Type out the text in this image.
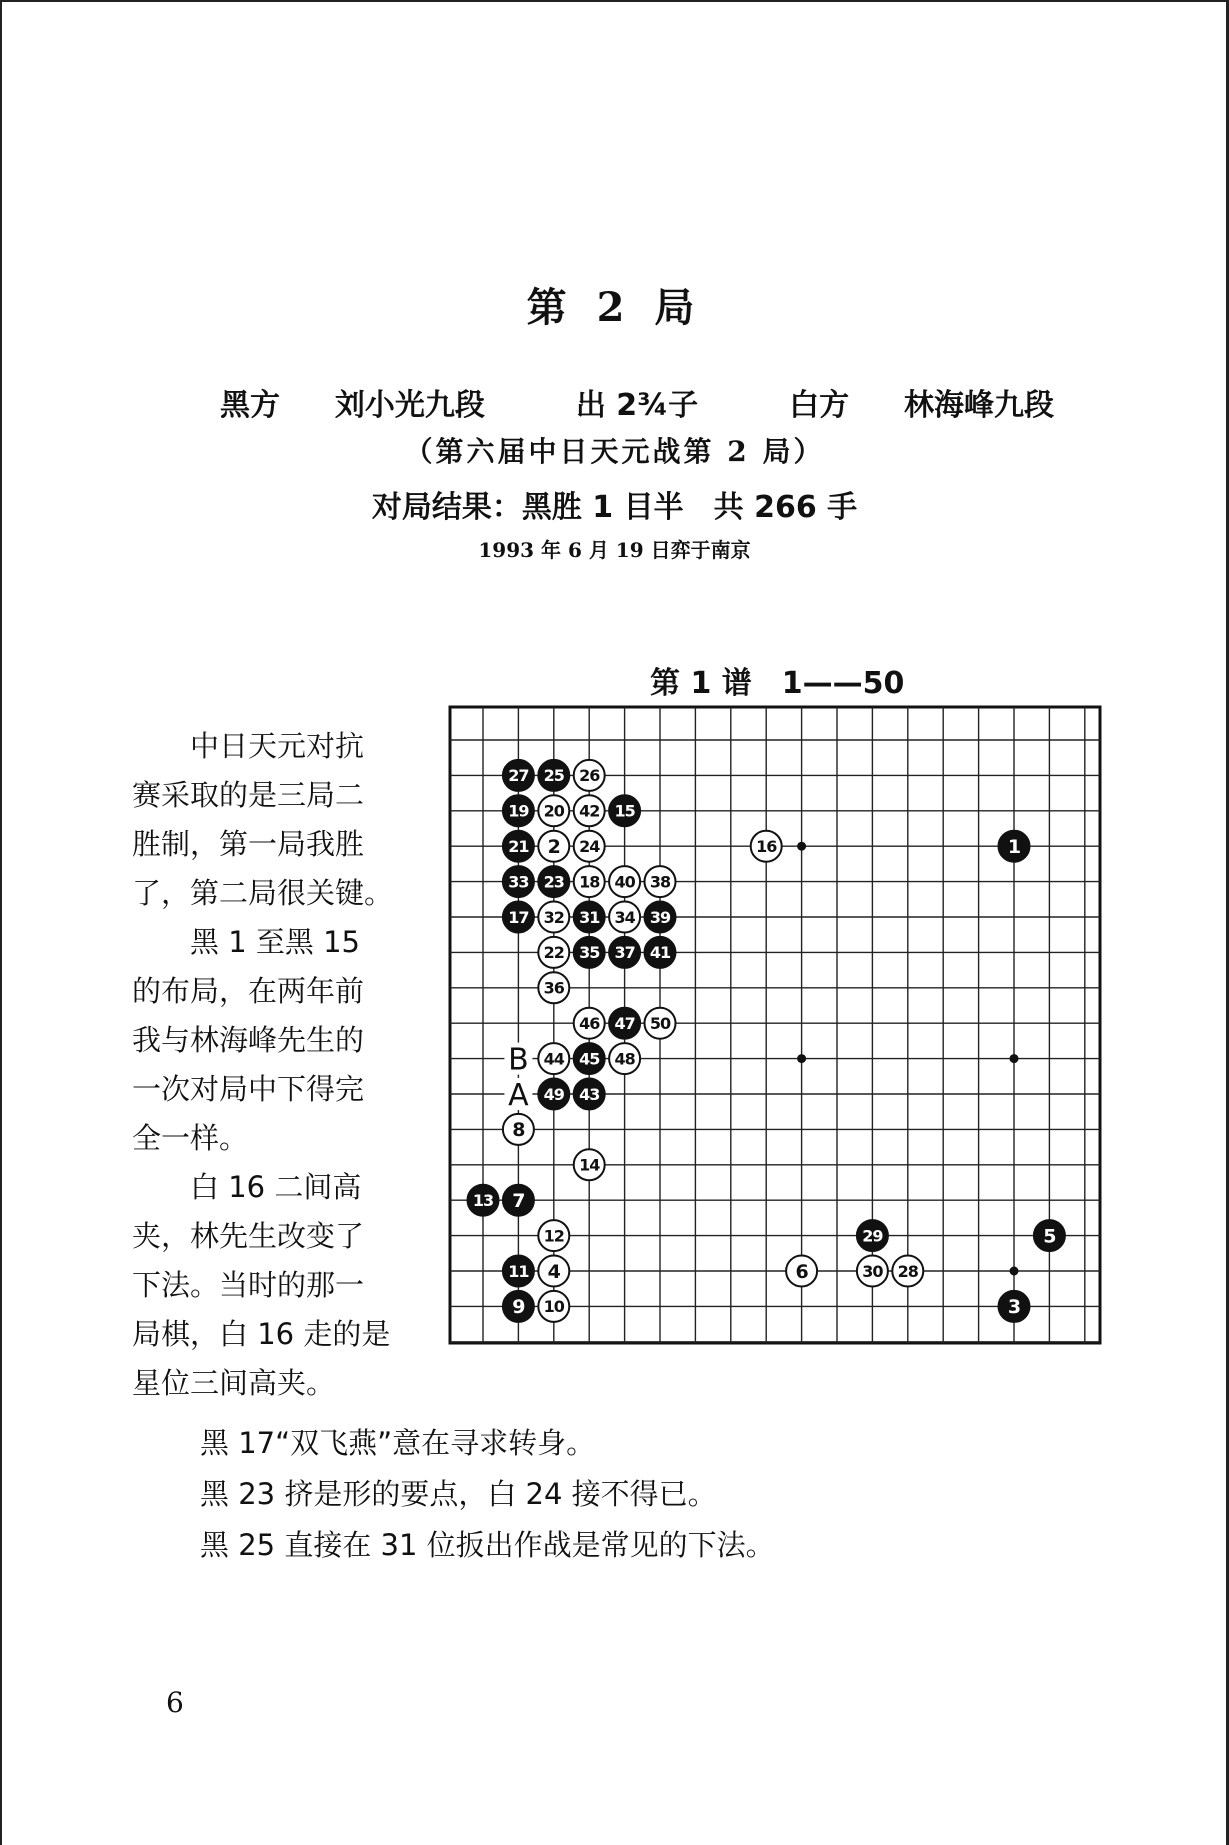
第 2 局
黑方 刘小光九段	出 2¾子	白方 林海峰九段
（第六届中日天元战第 2 局）
对局结果：黑胜 1 目半　共 266 手
1993 年 6 月 19 日弈于南京
第 1 谱　1——50
27 25 26
19 20 42 15
21 2 24	16	1
33 23 18 40 38
17 32 31 34 39
22 35 37 41
36
46 47 50
44 45 48
49 43
8
14
13 7
12	29	5
11 4	6	30 28
9 10	3
B
A

中日天元对抗

赛采取的是三局二

胜制，第一局我胜

了，第二局很关键。

黑 1 至黑 15

的布局，在两年前

我与林海峰先生的

一次对局中下得完

全一样。

白 16 二间高

夹，林先生改变了

下法。当时的那一

局棋，白 16 走的是

星位三间高夹。

黑 17“双飞燕”意在寻求转身。

黑 23 挤是形的要点，白 24 接不得已。

黑 25 直接在 31 位扳出作战是常见的下法。

6
